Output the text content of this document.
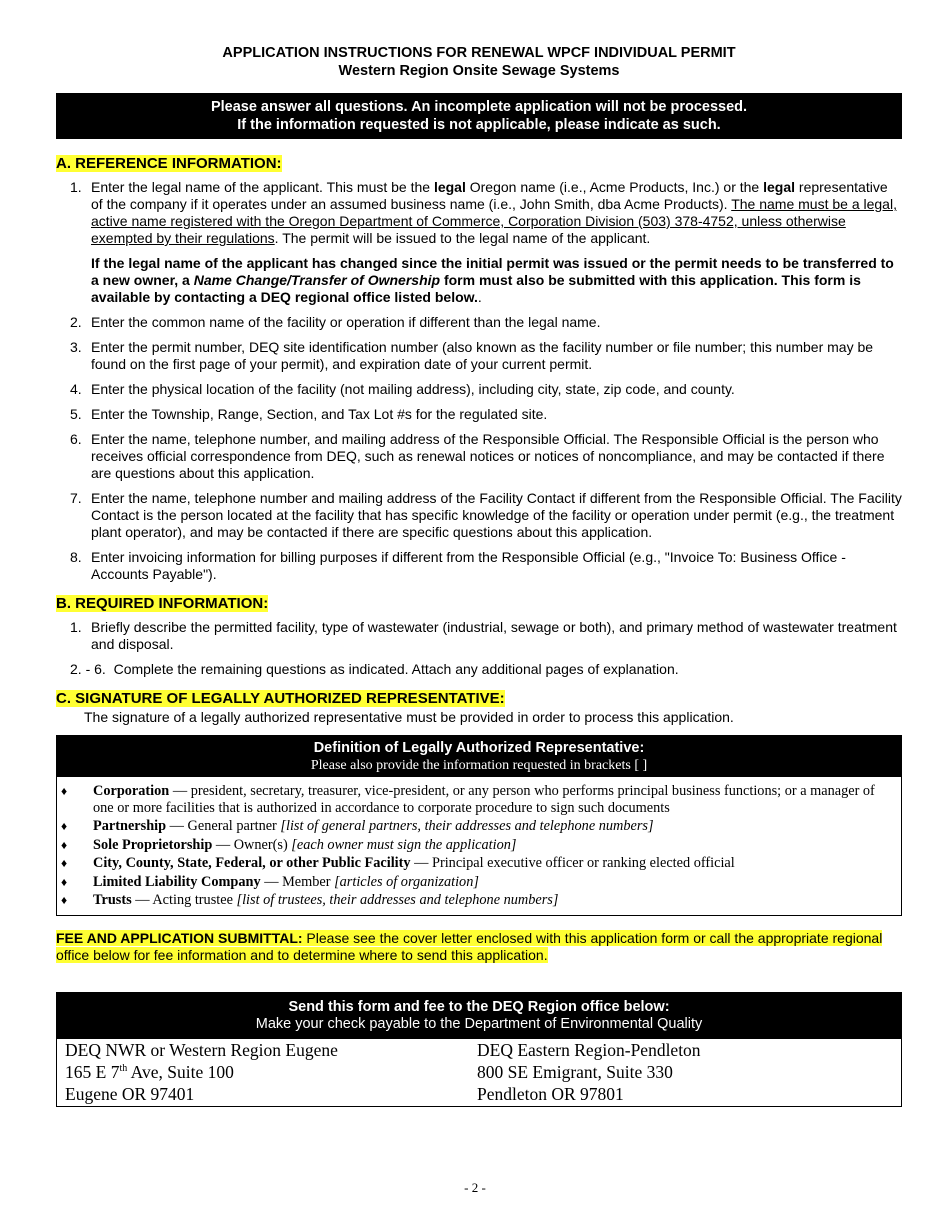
APPLICATION INSTRUCTIONS FOR RENEWAL WPCF INDIVIDUAL PERMIT
Western Region Onsite Sewage Systems
Please answer all questions. An incomplete application will not be processed.
If the information requested is not applicable, please indicate as such.
A. REFERENCE INFORMATION:
1. Enter the legal name of the applicant. This must be the legal Oregon name (i.e., Acme Products, Inc.) or the legal representative of the company if it operates under an assumed business name (i.e., John Smith, dba Acme Products). The name must be a legal, active name registered with the Oregon Department of Commerce, Corporation Division (503) 378-4752, unless otherwise exempted by their regulations. The permit will be issued to the legal name of the applicant.
If the legal name of the applicant has changed since the initial permit was issued or the permit needs to be transferred to a new owner, a Name Change/Transfer of Ownership form must also be submitted with this application. This form is available by contacting a DEQ regional office listed below..
2. Enter the common name of the facility or operation if different than the legal name.
3. Enter the permit number, DEQ site identification number (also known as the facility number or file number; this number may be found on the first page of your permit), and expiration date of your current permit.
4. Enter the physical location of the facility (not mailing address), including city, state, zip code, and county.
5. Enter the Township, Range, Section, and Tax Lot #s for the regulated site.
6. Enter the name, telephone number, and mailing address of the Responsible Official. The Responsible Official is the person who receives official correspondence from DEQ, such as renewal notices or notices of noncompliance, and may be contacted if there are questions about this application.
7. Enter the name, telephone number and mailing address of the Facility Contact if different from the Responsible Official. The Facility Contact is the person located at the facility that has specific knowledge of the facility or operation under permit (e.g., the treatment plant operator), and may be contacted if there are specific questions about this application.
8. Enter invoicing information for billing purposes if different from the Responsible Official (e.g., "Invoice To: Business Office - Accounts Payable").
B. REQUIRED INFORMATION:
1. Briefly describe the permitted facility, type of wastewater (industrial, sewage or both), and primary method of wastewater treatment and disposal.
2. - 6. Complete the remaining questions as indicated. Attach any additional pages of explanation.
C. SIGNATURE OF LEGALLY AUTHORIZED REPRESENTATIVE:
The signature of a legally authorized representative must be provided in order to process this application.
Definition of Legally Authorized Representative:
Please also provide the information requested in brackets [ ]
♦ Corporation — president, secretary, treasurer, vice-president, or any person who performs principal business functions; or a manager of one or more facilities that is authorized in accordance to corporate procedure to sign such documents
♦ Partnership — General partner [list of general partners, their addresses and telephone numbers]
♦ Sole Proprietorship — Owner(s) [each owner must sign the application]
♦ City, County, State, Federal, or other Public Facility — Principal executive officer or ranking elected official
♦ Limited Liability Company — Member [articles of organization]
♦ Trusts — Acting trustee [list of trustees, their addresses and telephone numbers]
FEE AND APPLICATION SUBMITTAL: Please see the cover letter enclosed with this application form or call the appropriate regional office below for fee information and to determine where to send this application.
Send this form and fee to the DEQ Region office below:
Make your check payable to the Department of Environmental Quality
DEQ NWR or Western Region Eugene
165 E 7th Ave, Suite 100
Eugene OR 97401
DEQ Eastern Region-Pendleton
800 SE Emigrant, Suite 330
Pendleton OR 97801
- 2 -
